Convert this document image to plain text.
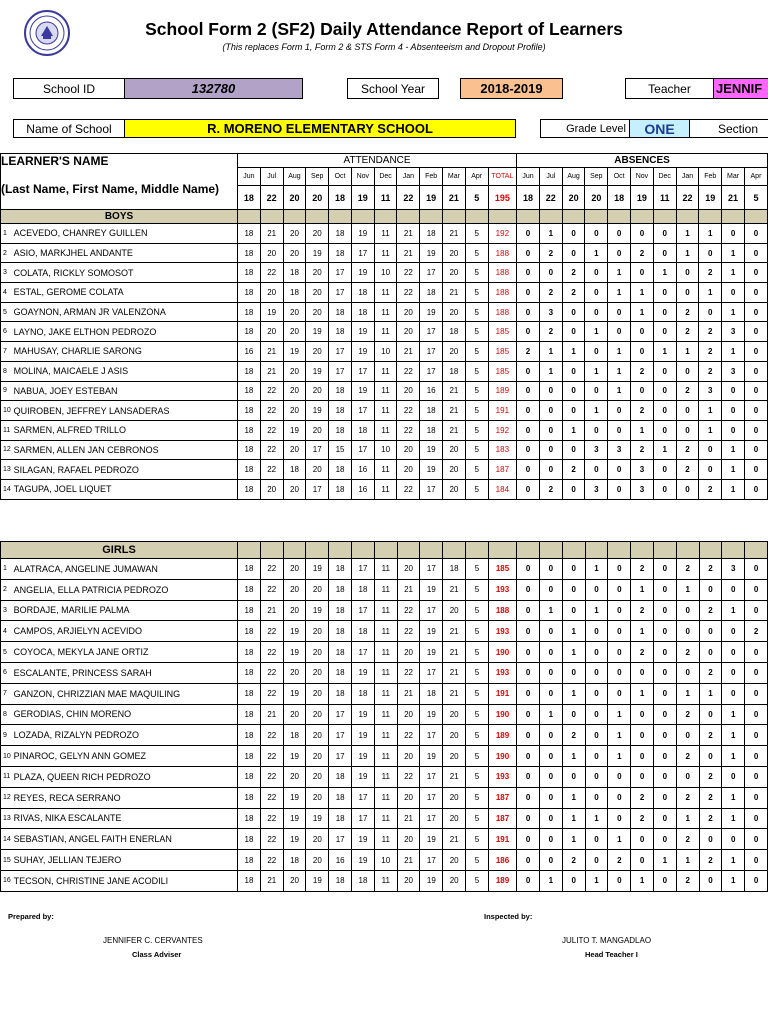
School Form 2 (SF2) Daily Attendance Report of Learners
(This replaces Form 1, Form 2 & STS Form 4 - Absenteeism and Dropout Profile)
School ID	132780	School Year	2018-2019	Teacher	JENNIF
Name of School	R. MORENO ELEMENTARY SCHOOL	Grade Level	ONE	Section
LEARNER'S NAME
(Last Name, First Name, Middle Name)		ATTENDANCE												ABSENCES										
		Jun	Jul	Aug	Sep	Oct	Nov	Dec	Jan	Feb	Mar	Apr	TOTAL	Jun	Jul	Aug	Sep	Oct	Nov	Dec	Jan	Feb	Mar	Apr
		18	22	20	20	18	19	11	22	19	21	5	195	18	22	20	20	18	19	11	22	19	21	5
BOYS																								
1	ACEVEDO, CHANREY GUILLEN	18	21	20	20	18	19	11	21	18	21	5	192	0	1	0	0	0	0	0	1	1	0	0
2	ASIO, MARKJHEL ANDANTE	18	20	20	19	18	17	11	21	19	20	5	188	0	2	0	1	0	2	0	1	0	1	0
3	COLATA, RICKLY SOMOSOT	18	22	18	20	17	19	10	22	17	20	5	188	0	0	2	0	1	0	1	0	2	1	0
4	ESTAL, GEROME COLATA	18	20	18	20	17	18	11	22	18	21	5	188	0	2	2	0	1	1	0	0	1	0	0
5	GOAYNON, ARMAN JR VALENZONA	18	19	20	20	18	18	11	20	19	20	5	188	0	3	0	0	0	1	0	2	0	1	0
6	LAYNO, JAKE ELTHON PEDROZO	18	20	20	19	18	19	11	20	17	18	5	185	0	2	0	1	0	0	0	2	2	3	0
7	MAHUSAY, CHARLIE SARONG	16	21	19	20	17	19	10	21	17	20	5	185	2	1	1	0	1	0	1	1	2	1	0
8	MOLINA, MAICAELE J ASIS	18	21	20	19	17	17	11	22	17	18	5	185	0	1	0	1	1	2	0	0	2	3	0
9	NABUA, JOEY ESTEBAN	18	22	20	20	18	19	11	20	16	21	5	189	0	0	0	0	1	0	0	2	3	0	0
10	QUIROBEN, JEFFREY LANSADERAS	18	22	20	19	18	17	11	22	18	21	5	191	0	0	0	1	0	2	0	0	1	0	0
11	SARMEN, ALFRED TRILLO	18	22	19	20	18	18	11	22	18	21	5	192	0	0	1	0	0	1	0	0	1	0	0
12	SARMEN, ALLEN JAN CEBRONOS	18	22	20	17	15	17	10	20	19	20	5	183	0	0	0	3	3	2	1	2	0	1	0
13	SILAGAN, RAFAEL PEDROZO	18	22	18	20	18	16	11	20	19	20	5	187	0	0	2	0	0	3	0	2	0	1	0
14	TAGUPA, JOEL LIQUET	18	20	20	17	18	16	11	22	17	20	5	184	0	2	0	3	0	3	0	0	2	1	0
GIRLS																								
1	ALATRACA, ANGELINE JUMAWAN	18	22	20	19	18	17	11	20	17	18	5	185	0	0	0	1	0	2	0	2	2	3	0
2	ANGELIA, ELLA PATRICIA PEDROZO	18	22	20	20	18	18	11	21	19	21	5	193	0	0	0	0	0	1	0	1	0	0	0
3	BORDAJE, MARILIE PALMA	18	21	20	19	18	17	11	22	17	20	5	188	0	1	0	1	0	2	0	0	2	1	0
4	CAMPOS, ARJIELYN ACEVIDO	18	22	19	20	18	18	11	22	19	21	5	193	0	0	1	0	0	1	0	0	0	0	2
5	COYOCA, MEKYLA JANE ORTIZ	18	22	19	20	18	17	11	20	19	21	5	190	0	0	1	0	0	2	0	2	0	0	0
6	ESCALANTE, PRINCESS SARAH	18	22	20	20	18	19	11	22	17	21	5	193	0	0	0	0	0	0	0	0	2	0	0
7	GANZON, CHRIZZIAN MAE MAQUILING	18	22	19	20	18	18	11	21	18	21	5	191	0	0	1	0	0	1	0	1	1	0	0
8	GERODIAS, CHIN MORENO	18	21	20	20	17	19	11	20	19	20	5	190	0	1	0	0	1	0	0	2	0	1	0
9	LOZADA, RIZALYN PEDROZO	18	22	18	20	17	19	11	22	17	20	5	189	0	0	2	0	1	0	0	0	2	1	0
10	PINAROC, GELYN ANN GOMEZ	18	22	19	20	17	19	11	20	19	20	5	190	0	0	1	0	1	0	0	2	0	1	0
11	PLAZA, QUEEN RICH PEDROZO	18	22	20	20	18	19	11	22	17	21	5	193	0	0	0	0	0	0	0	0	2	0	0
12	REYES, RECA SERRANO	18	22	19	20	18	17	11	20	17	20	5	187	0	0	1	0	0	2	0	2	2	1	0
13	RIVAS, NIKA ESCALANTE	18	22	19	19	18	17	11	21	17	20	5	187	0	0	1	1	0	2	0	1	2	1	0
14	SEBASTIAN, ANGEL FAITH ENERLAN	18	22	19	20	17	19	11	20	19	21	5	191	0	0	1	0	1	0	0	2	0	0	0
15	SUHAY, JELLIAN TEJERO	18	22	18	20	16	19	10	21	17	20	5	186	0	0	2	0	2	0	1	1	2	1	0
16	TECSON, CHRISTINE JANE ACODILI	18	21	20	19	18	18	11	20	19	20	5	189	0	1	0	1	0	1	0	2	0	1	0
Prepared by:
JENNIFER C. CERVANTES
Class Adviser
Inspected by:
JULITO T. MANGADLAO
Head Teacher I
